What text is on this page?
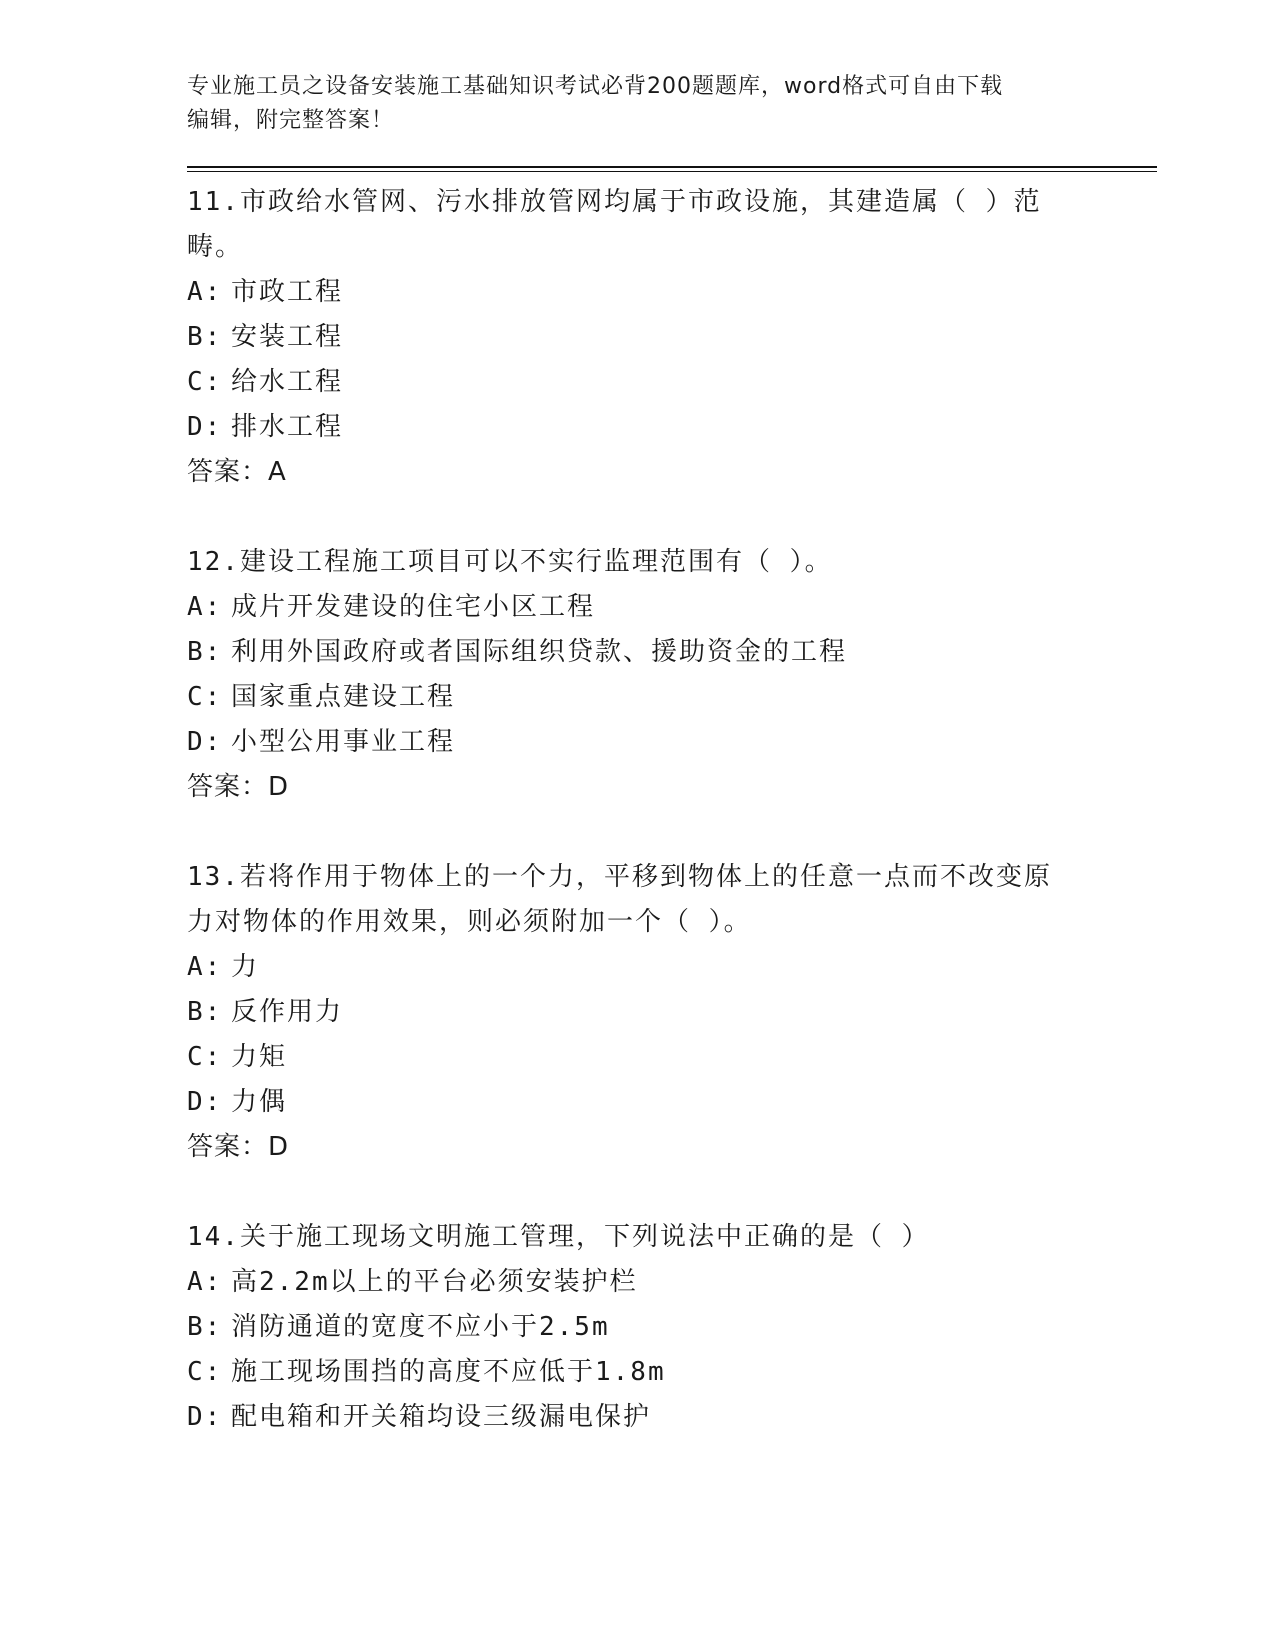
专业施工员之设备安装施工基础知识考试必背200题题库，word格式可自由下载
编辑，附完整答案！

11.市政给水管网、污水排放管网均属于市政设施，其建造属（ ）范畴。

A: 市政工程
B: 安装工程
C: 给水工程
D: 排水工程
答案：A

12.建设工程施工项目可以不实行监理范围有（ ）。

A: 成片开发建设的住宅小区工程
B: 利用外国政府或者国际组织贷款、援助资金的工程
C: 国家重点建设工程
D: 小型公用事业工程
答案：D

13.若将作用于物体上的一个力，平移到物体上的任意一点而不改变原力对物体的作用效果，则必须附加一个（ ）。

A: 力
B: 反作用力
C: 力矩
D: 力偶
答案：D

14.关于施工现场文明施工管理，下列说法中正确的是（ ）

A: 高2.2m以上的平台必须安装护栏
B: 消防通道的宽度不应小于2.5m
C: 施工现场围挡的高度不应低于1.8m
D: 配电箱和开关箱均设三级漏电保护
